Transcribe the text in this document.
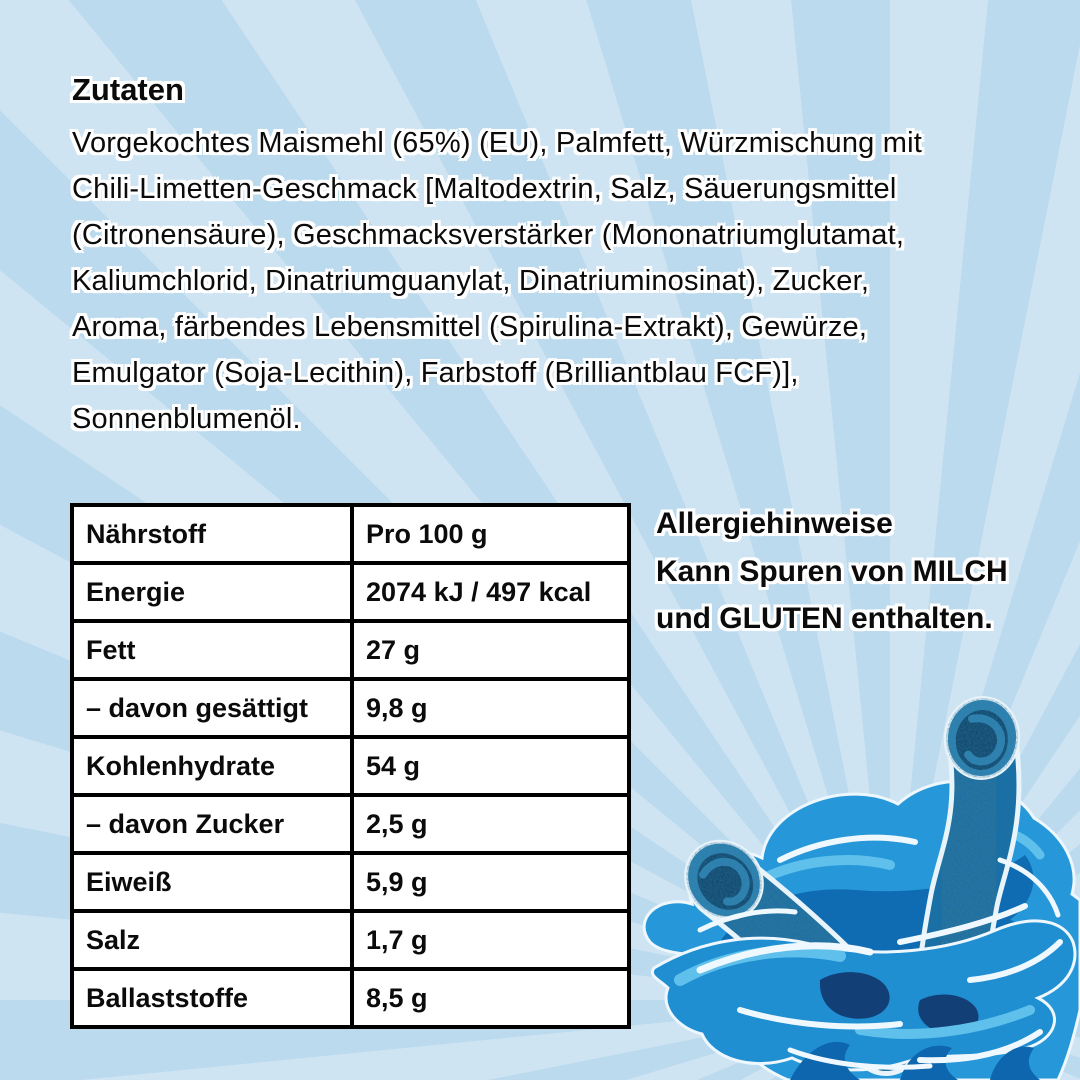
Zutaten

Vorgekochtes Maismehl (65%) (EU), Palmfett, Würzmischung mit

Chili-Limetten-Geschmack [Maltodextrin, Salz, Säuerungsmittel

(Citronensäure), Geschmacksverstärker (Mononatriumglutamat,

Kaliumchlorid, Dinatriumguanylat, Dinatriuminosinat), Zucker,

Aroma, färbendes Lebensmittel (Spirulina-Extrakt), Gewürze,

Emulgator (Soja-Lecithin), Farbstoff (Brilliantblau FCF)],

Sonnenblumenöl.

Nährstoff	Pro 100 g
Energie	2074 kJ / 497 kcal
Fett	27 g
– davon gesättigt	9,8 g
Kohlenhydrate	54 g
– davon Zucker	2,5 g
Eiweiß	5,9 g
Salz	1,7 g
Ballaststoffe	8,5 g

Allergiehinweise

Kann Spuren von MILCH

und GLUTEN enthalten.
